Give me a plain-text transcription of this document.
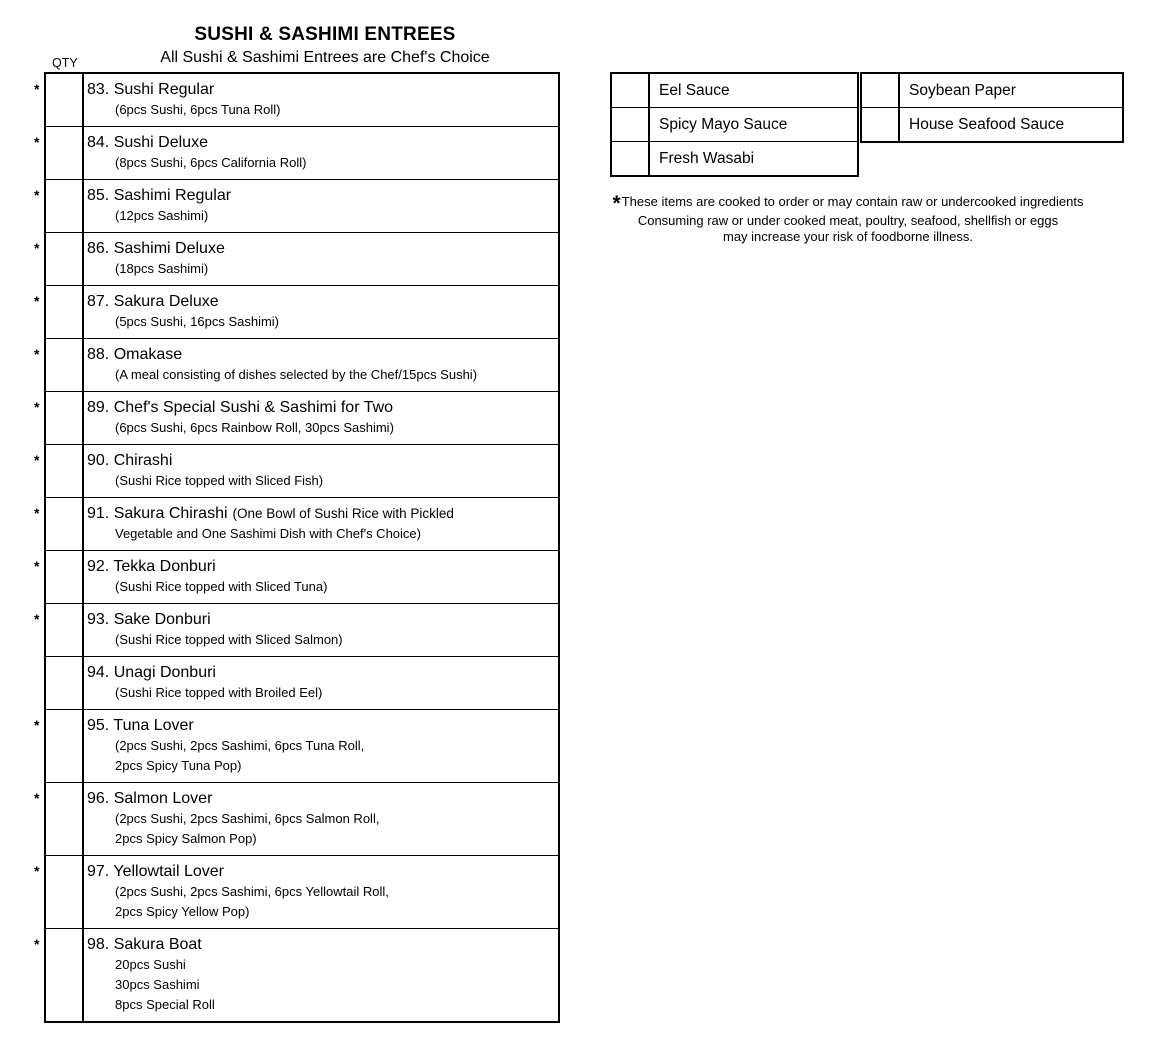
SUSHI & SASHIMI ENTREES
All Sushi & Sashimi Entrees are Chef's Choice
QTY
*	83. Sushi Regular
(6pcs Sushi, 6pcs Tuna Roll)
*	84. Sushi Deluxe
(8pcs Sushi, 6pcs California Roll)
*	85. Sashimi Regular
(12pcs Sashimi)
*	86. Sashimi Deluxe
(18pcs Sashimi)
*	87. Sakura Deluxe
(5pcs Sushi, 16pcs Sashimi)
*	88. Omakase
(A meal consisting of dishes selected by the Chef/15pcs Sushi)
*	89. Chef's Special Sushi & Sashimi for Two
(6pcs Sushi, 6pcs Rainbow Roll, 30pcs Sashimi)
*	90. Chirashi
(Sushi Rice topped with Sliced Fish)
*	91. Sakura Chirashi (One Bowl of Sushi Rice with Pickled
Vegetable and One Sashimi Dish with Chef's Choice)
*	92. Tekka Donburi
(Sushi Rice topped with Sliced Tuna)
*	93. Sake Donburi
(Sushi Rice topped with Sliced Salmon)
94. Unagi Donburi
(Sushi Rice topped with Broiled Eel)
*	95. Tuna Lover
(2pcs Sushi, 2pcs Sashimi, 6pcs Tuna Roll,
2pcs Spicy Tuna Pop)
*	96. Salmon Lover
(2pcs Sushi, 2pcs Sashimi, 6pcs Salmon Roll,
2pcs Spicy Salmon Pop)
*	97. Yellowtail Lover
(2pcs Sushi, 2pcs Sashimi, 6pcs Yellowtail Roll,
2pcs Spicy Yellow Pop)
*	98. Sakura Boat
20pcs Sushi
30pcs Sashimi
8pcs Special Roll
Eel Sauce
Spicy Mayo Sauce
Fresh Wasabi
Soybean Paper
House Seafood Sauce
*These items are cooked to order or may contain raw or undercooked ingredients
Consuming raw or under cooked meat, poultry, seafood, shellfish or eggs
may increase your risk of foodborne illness.
